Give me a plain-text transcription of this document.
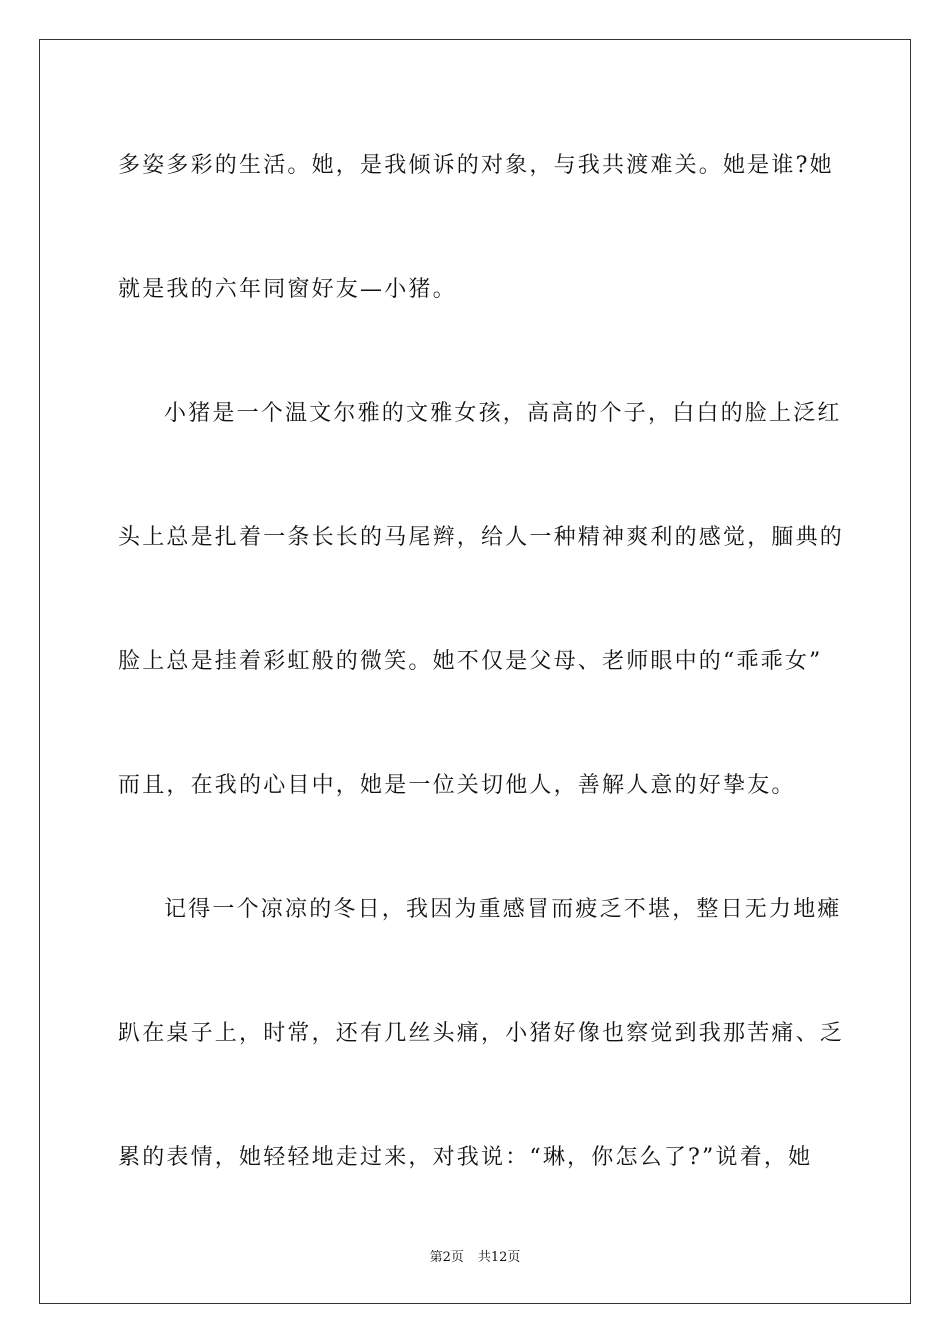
多姿多彩的生活。她，是我倾诉的对象，与我共渡难关。她是谁?她
就是我的六年同窗好友—小猪。
小猪是一个温文尔雅的文雅女孩，高高的个子，白白的脸上泛红
头上总是扎着一条长长的马尾辫，给人一种精神爽利的感觉，腼典的
脸上总是挂着彩虹般的微笑。她不仅是父母、老师眼中的“乖乖女”
而且，在我的心目中，她是一位关切他人，善解人意的好挚友。
记得一个凉凉的冬日，我因为重感冒而疲乏不堪，整日无力地瘫
趴在桌子上，时常，还有几丝头痛，小猪好像也察觉到我那苦痛、乏
累的表情，她轻轻地走过来，对我说：“琳，你怎么了?”说着，她
第2页 共12页
